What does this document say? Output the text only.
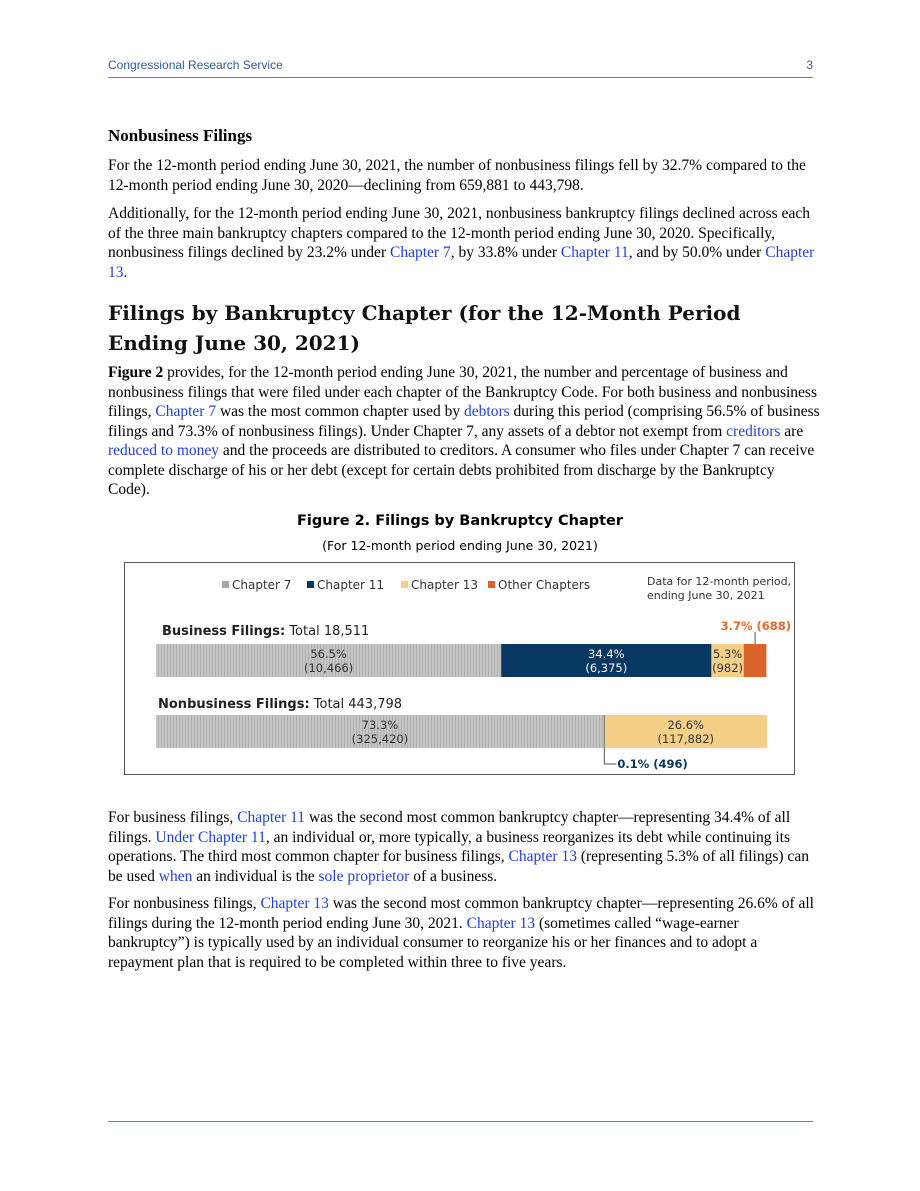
Congressional Research Service	3
Nonbusiness Filings

For the 12-month period ending June 30, 2021, the number of nonbusiness filings fell by 32.7% compared to the 12-month period ending June 30, 2020—declining from 659,881 to 443,798.

Additionally, for the 12-month period ending June 30, 2021, nonbusiness bankruptcy filings declined across each of the three main bankruptcy chapters compared to the 12-month period ending June 30, 2020. Specifically, nonbusiness filings declined by 23.2% under Chapter 7, by 33.8% under Chapter 11, and by 50.0% under Chapter 13.

Filings by Bankruptcy Chapter (for the 12-Month Period Ending June 30, 2021)

Figure 2 provides, for the 12-month period ending June 30, 2021, the number and percentage of business and nonbusiness filings that were filed under each chapter of the Bankruptcy Code. For both business and nonbusiness filings, Chapter 7 was the most common chapter used by debtors during this period (comprising 56.5% of business filings and 73.3% of nonbusiness filings). Under Chapter 7, any assets of a debtor not exempt from creditors are reduced to money and the proceeds are distributed to creditors. A consumer who files under Chapter 7 can receive complete discharge of his or her debt (except for certain debts prohibited from discharge by the Bankruptcy Code).

Figure 2. Filings by Bankruptcy Chapter
(For 12-month period ending June 30, 2021)
Chapter 7 Chapter 11 Chapter 13 Other Chapters	Data for 12-month period,
ending June 30, 2021
Business Filings: Total 18,511
56.5%
(10,466)
34.4%
(6,375)
5.3%
(982)
3.7% (688)
Nonbusiness Filings: Total 443,798
73.3%
(325,420)
26.6%
(117,882)
0.1% (496)

For business filings, Chapter 11 was the second most common bankruptcy chapter—representing 34.4% of all filings. Under Chapter 11, an individual or, more typically, a business reorganizes its debt while continuing its operations. The third most common chapter for business filings, Chapter 13 (representing 5.3% of all filings) can be used when an individual is the sole proprietor of a business.

For nonbusiness filings, Chapter 13 was the second most common bankruptcy chapter—representing 26.6% of all filings during the 12-month period ending June 30, 2021. Chapter 13 (sometimes called “wage-earner bankruptcy”) is typically used by an individual consumer to reorganize his or her finances and to adopt a repayment plan that is required to be completed within three to five years.
